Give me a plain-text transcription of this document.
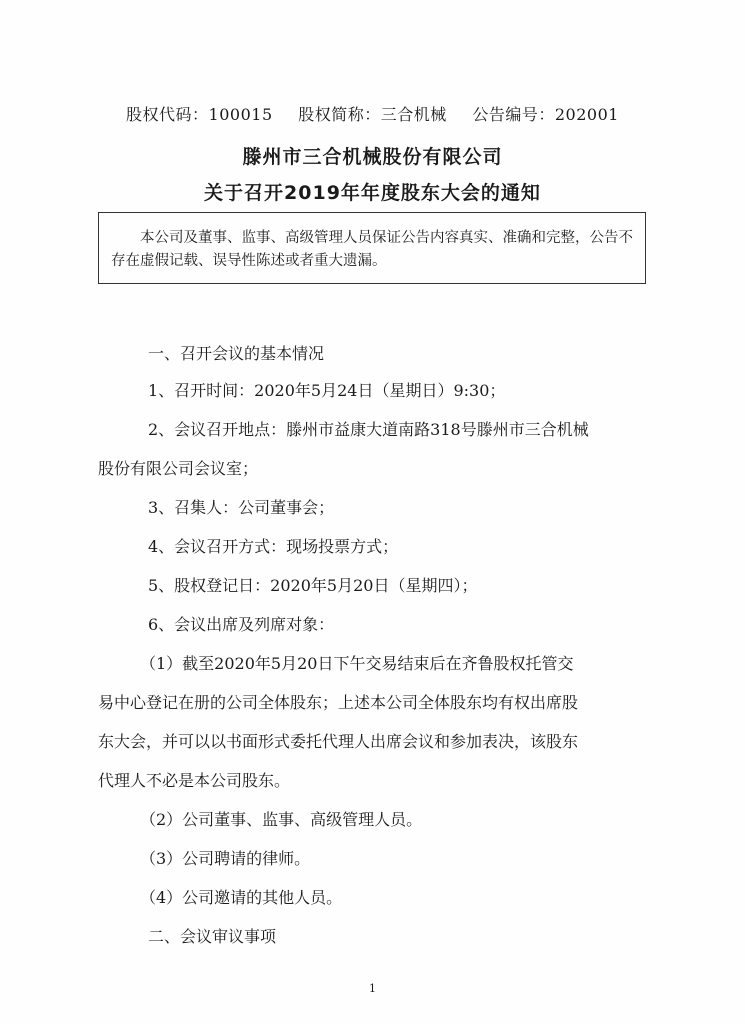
股权代码：100015 股权简称：三合机械 公告编号：202001
滕州市三合机械股份有限公司
关于召开2019年年度股东大会的通知
本公司及董事、监事、高级管理人员保证公告内容真实、准确和完整，公告不存在虚假记载、误导性陈述或者重大遗漏。
一、召开会议的基本情况
1、召开时间：2020年5月24日（星期日）9:30；
2、会议召开地点：滕州市益康大道南路318号滕州市三合机械
股份有限公司会议室；
3、召集人：公司董事会；
4、会议召开方式：现场投票方式；
5、股权登记日：2020年5月20日（星期四）；
6、会议出席及列席对象：
（1）截至2020年5月20日下午交易结束后在齐鲁股权托管交
易中心登记在册的公司全体股东；上述本公司全体股东均有权出席股
东大会，并可以以书面形式委托代理人出席会议和参加表决，该股东
代理人不必是本公司股东。
（2）公司董事、监事、高级管理人员。
（3）公司聘请的律师。
（4）公司邀请的其他人员。
二、会议审议事项
1
